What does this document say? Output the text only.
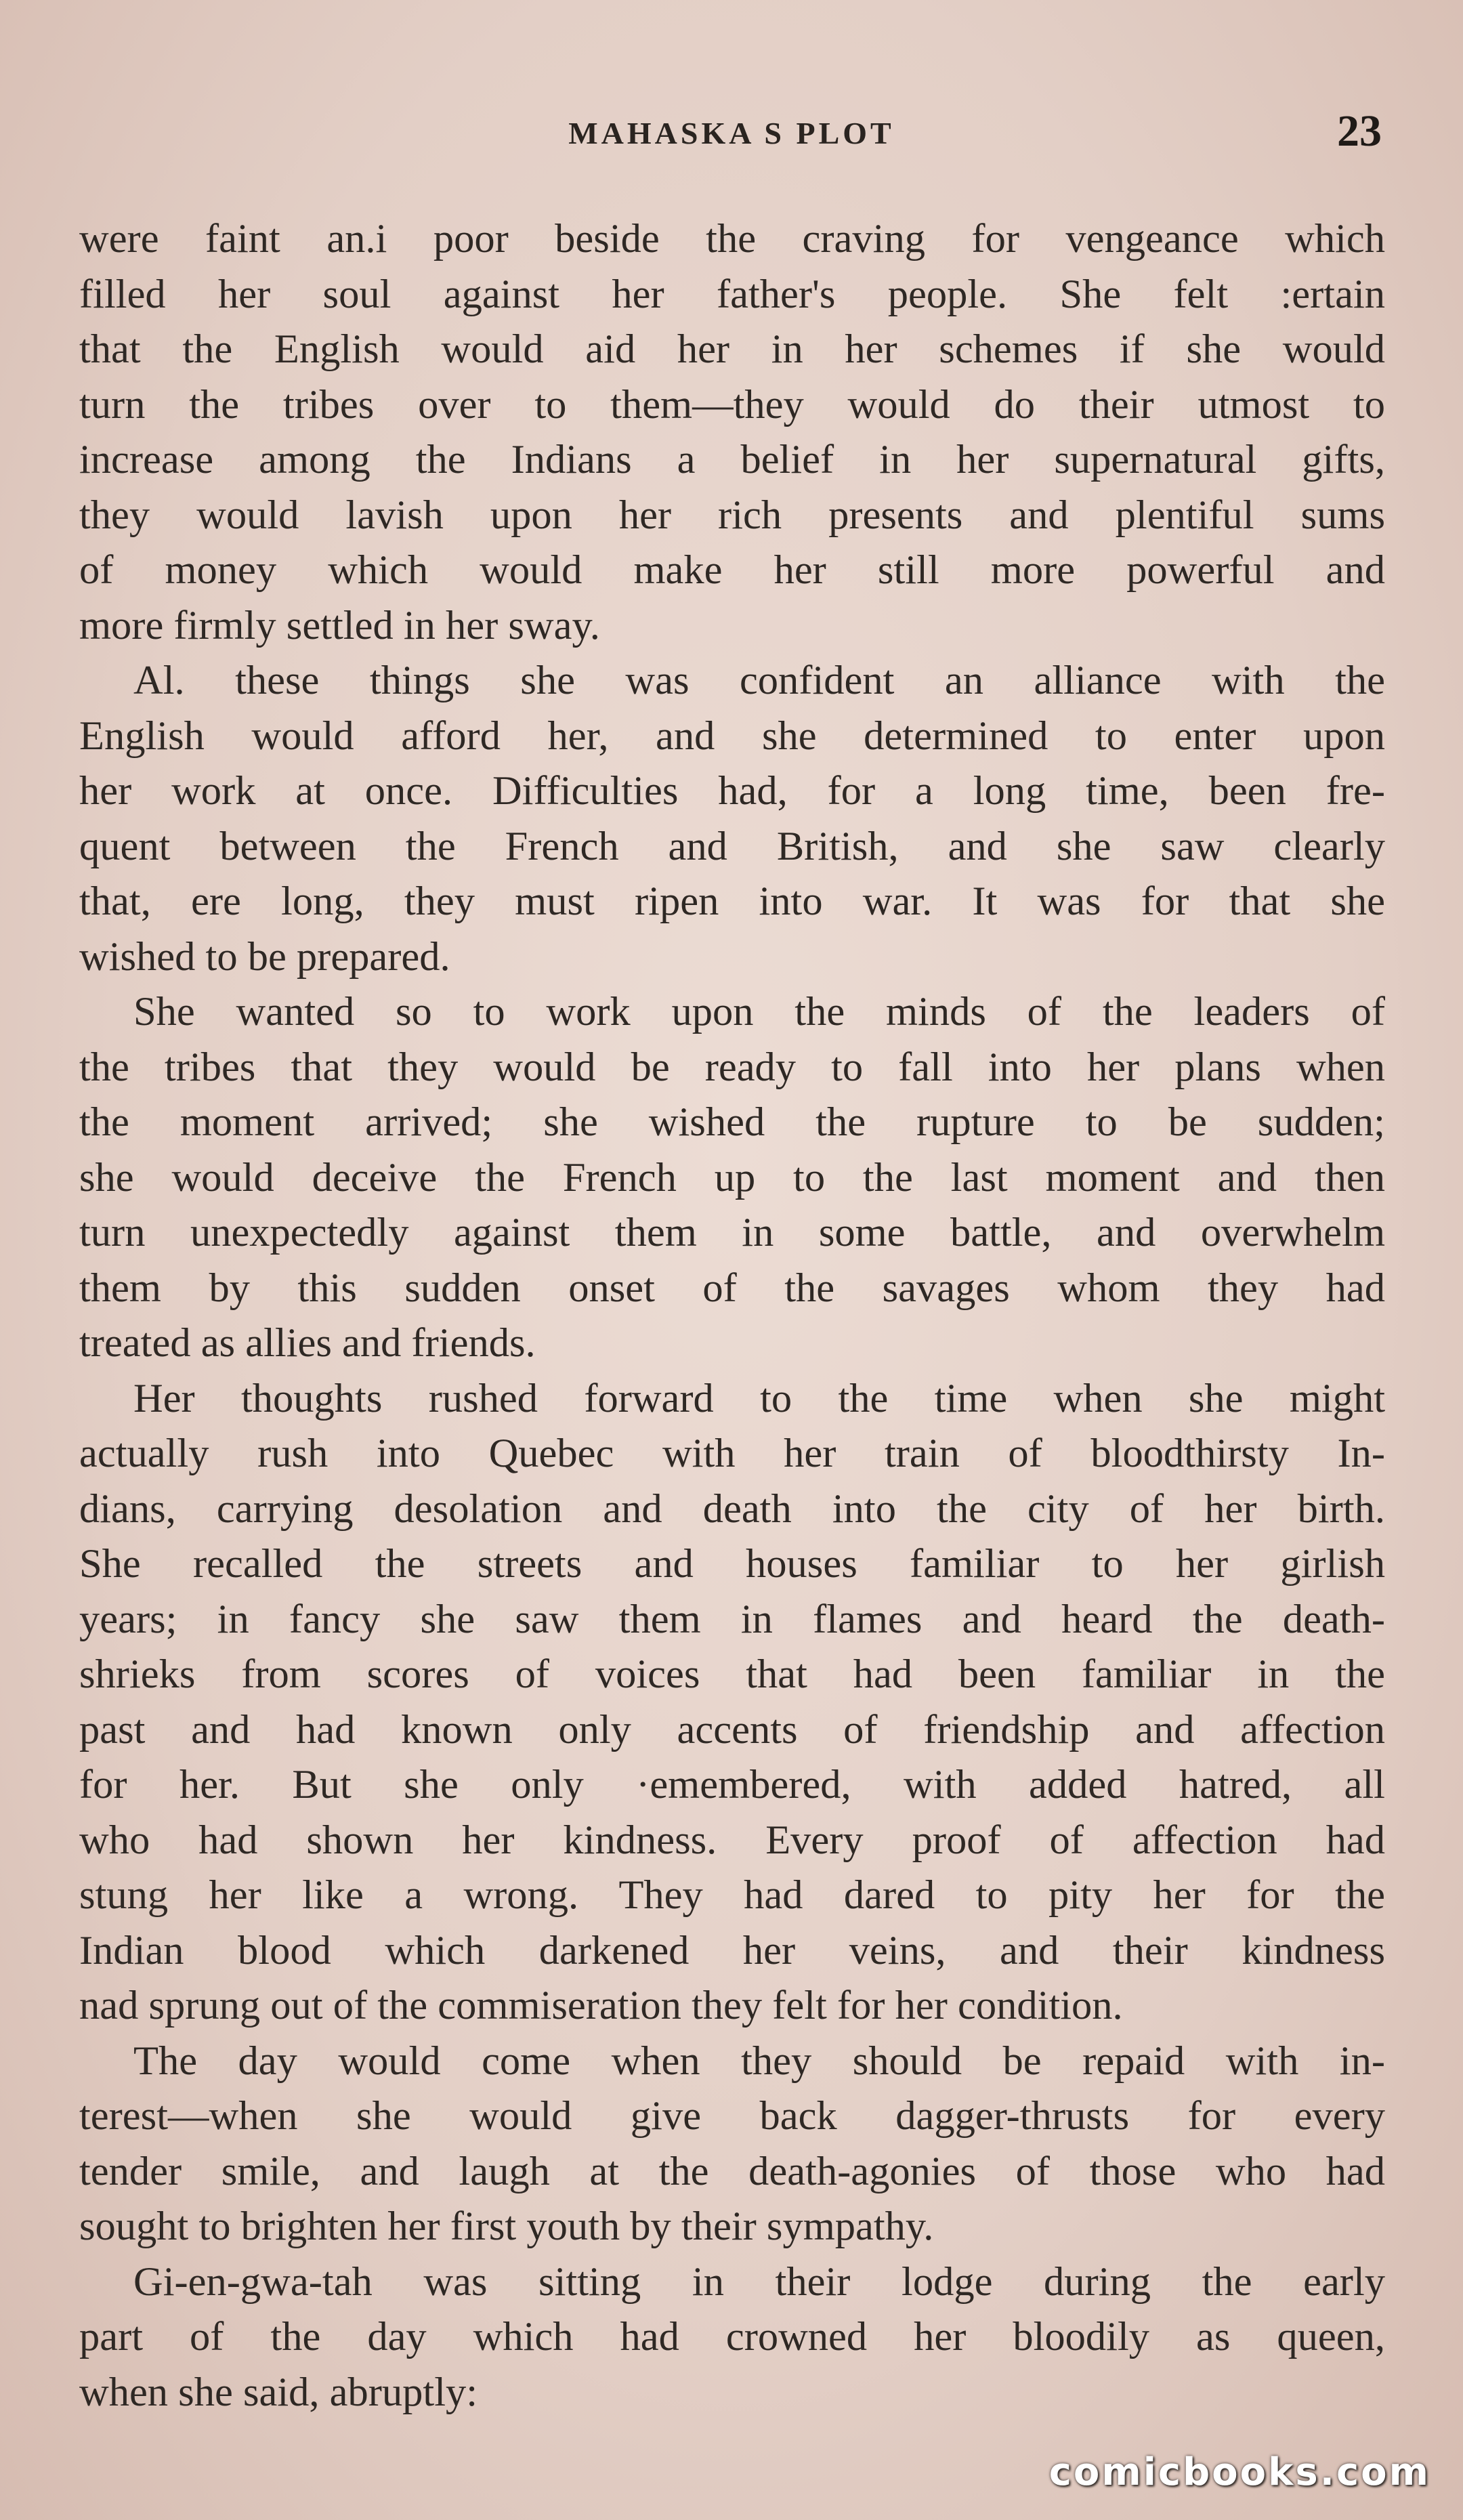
MAHASKA S PLOT	23
were faint an.i poor beside the craving for vengeance which
filled her soul against her father's people. She felt :ertain
that the English would aid her in her schemes if she would
turn the tribes over to them—they would do their utmost to
increase among the Indians a belief in her supernatural gifts,
they would lavish upon her rich presents and plentiful sums
of money which would make her still more powerful and
more firmly settled in her sway.
Al. these things she was confident an alliance with the
English would afford her, and she determined to enter upon
her work at once. Difficulties had, for a long time, been fre-
quent between the French and British, and she saw clearly
that, ere long, they must ripen into war. It was for that she
wished to be prepared.
She wanted so to work upon the minds of the leaders of
the tribes that they would be ready to fall into her plans when
the moment arrived; she wished the rupture to be sudden;
she would deceive the French up to the last moment and then
turn unexpectedly against them in some battle, and overwhelm
them by this sudden onset of the savages whom they had
treated as allies and friends.
Her thoughts rushed forward to the time when she might
actually rush into Quebec with her train of bloodthirsty In-
dians, carrying desolation and death into the city of her birth.
She recalled the streets and houses familiar to her girlish
years; in fancy she saw them in flames and heard the death-
shrieks from scores of voices that had been familiar in the
past and had known only accents of friendship and affection
for her. But she only ·emembered, with added hatred, all
who had shown her kindness. Every proof of affection had
stung her like a wrong. They had dared to pity her for the
Indian blood which darkened her veins, and their kindness
nad sprung out of the commiseration they felt for her condition.
The day would come when they should be repaid with in-
terest—when she would give back dagger-thrusts for every
tender smile, and laugh at the death-agonies of those who had
sought to brighten her first youth by their sympathy.
Gi-en-gwa-tah was sitting in their lodge during the early
part of the day which had crowned her bloodily as queen,
when she said, abruptly:
comicbooks.com
